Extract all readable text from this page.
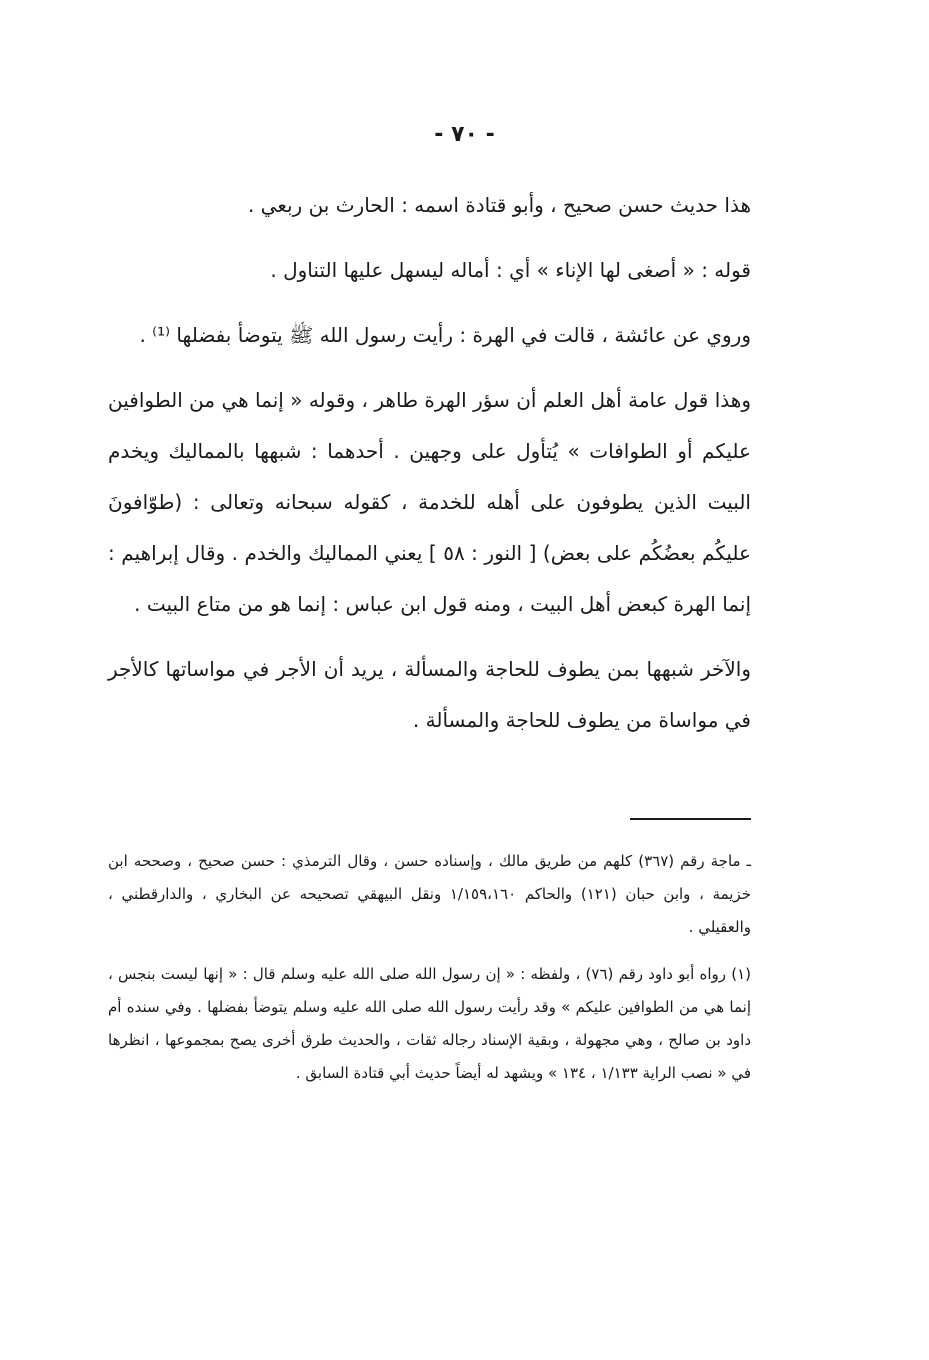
- ٧٠ -

هذا حديث حسن صحيح ، وأبو قتادة اسمه : الحارث بن ربعي .

قوله : « أصغى لها الإناء » أي : أماله ليسهل عليها التناول .

وروي عن عائشة ، قالت في الهرة : رأيت رسول الله ﷺ يتوضأ بفضلها ⁽¹⁾ .

وهذا قول عامة أهل العلم أن سؤر الهرة طاهر ، وقوله « إنما هي من الطوافين عليكم أو الطوافات » يُتأول على وجهين . أحدهما : شبهها بالمماليك ويخدم البيت الذين يطوفون على أهله للخدمة ، كقوله سبحانه وتعالى : (طوّافونَ عليكُم بعضُكُم على بعض) [ النور : ٥٨ ] يعني المماليك والخدم . وقال إبراهيم : إنما الهرة كبعض أهل البيت ، ومنه قول ابن عباس : إنما هو من متاع البيت .

والآخر شبهها بمن يطوف للحاجة والمسألة ، يريد أن الأجر في مواساتها كالأجر في مواساة من يطوف للحاجة والمسألة .

ـ ماجة رقم (٣٦٧) كلهم من طريق مالك ، وإسناده حسن ، وقال الترمذي : حسن صحيح ، وصححه ابن خزيمة ، وابن حبان (١٢١) والحاكم ١/١٥٩،١٦٠ ونقل البيهقي تصحيحه عن البخاري ، والدارقطني ، والعقيلي .

(١) رواه أبو داود رقم (٧٦) ، ولفظه : « إن رسول الله صلى الله عليه وسلم قال : « إنها ليست بنجس ، إنما هي من الطوافين عليكم » وقد رأيت رسول الله صلى الله عليه وسلم يتوضأ بفضلها . وفي سنده أم داود بن صالح ، وهي مجهولة ، وبقية الإسناد رجاله ثقات ، والحديث طرق أخرى يصح بمجموعها ، انظرها في « نصب الراية ١/١٣٣ ، ١٣٤ » ويشهد له أيضاً حديث أبي قتادة السابق .
